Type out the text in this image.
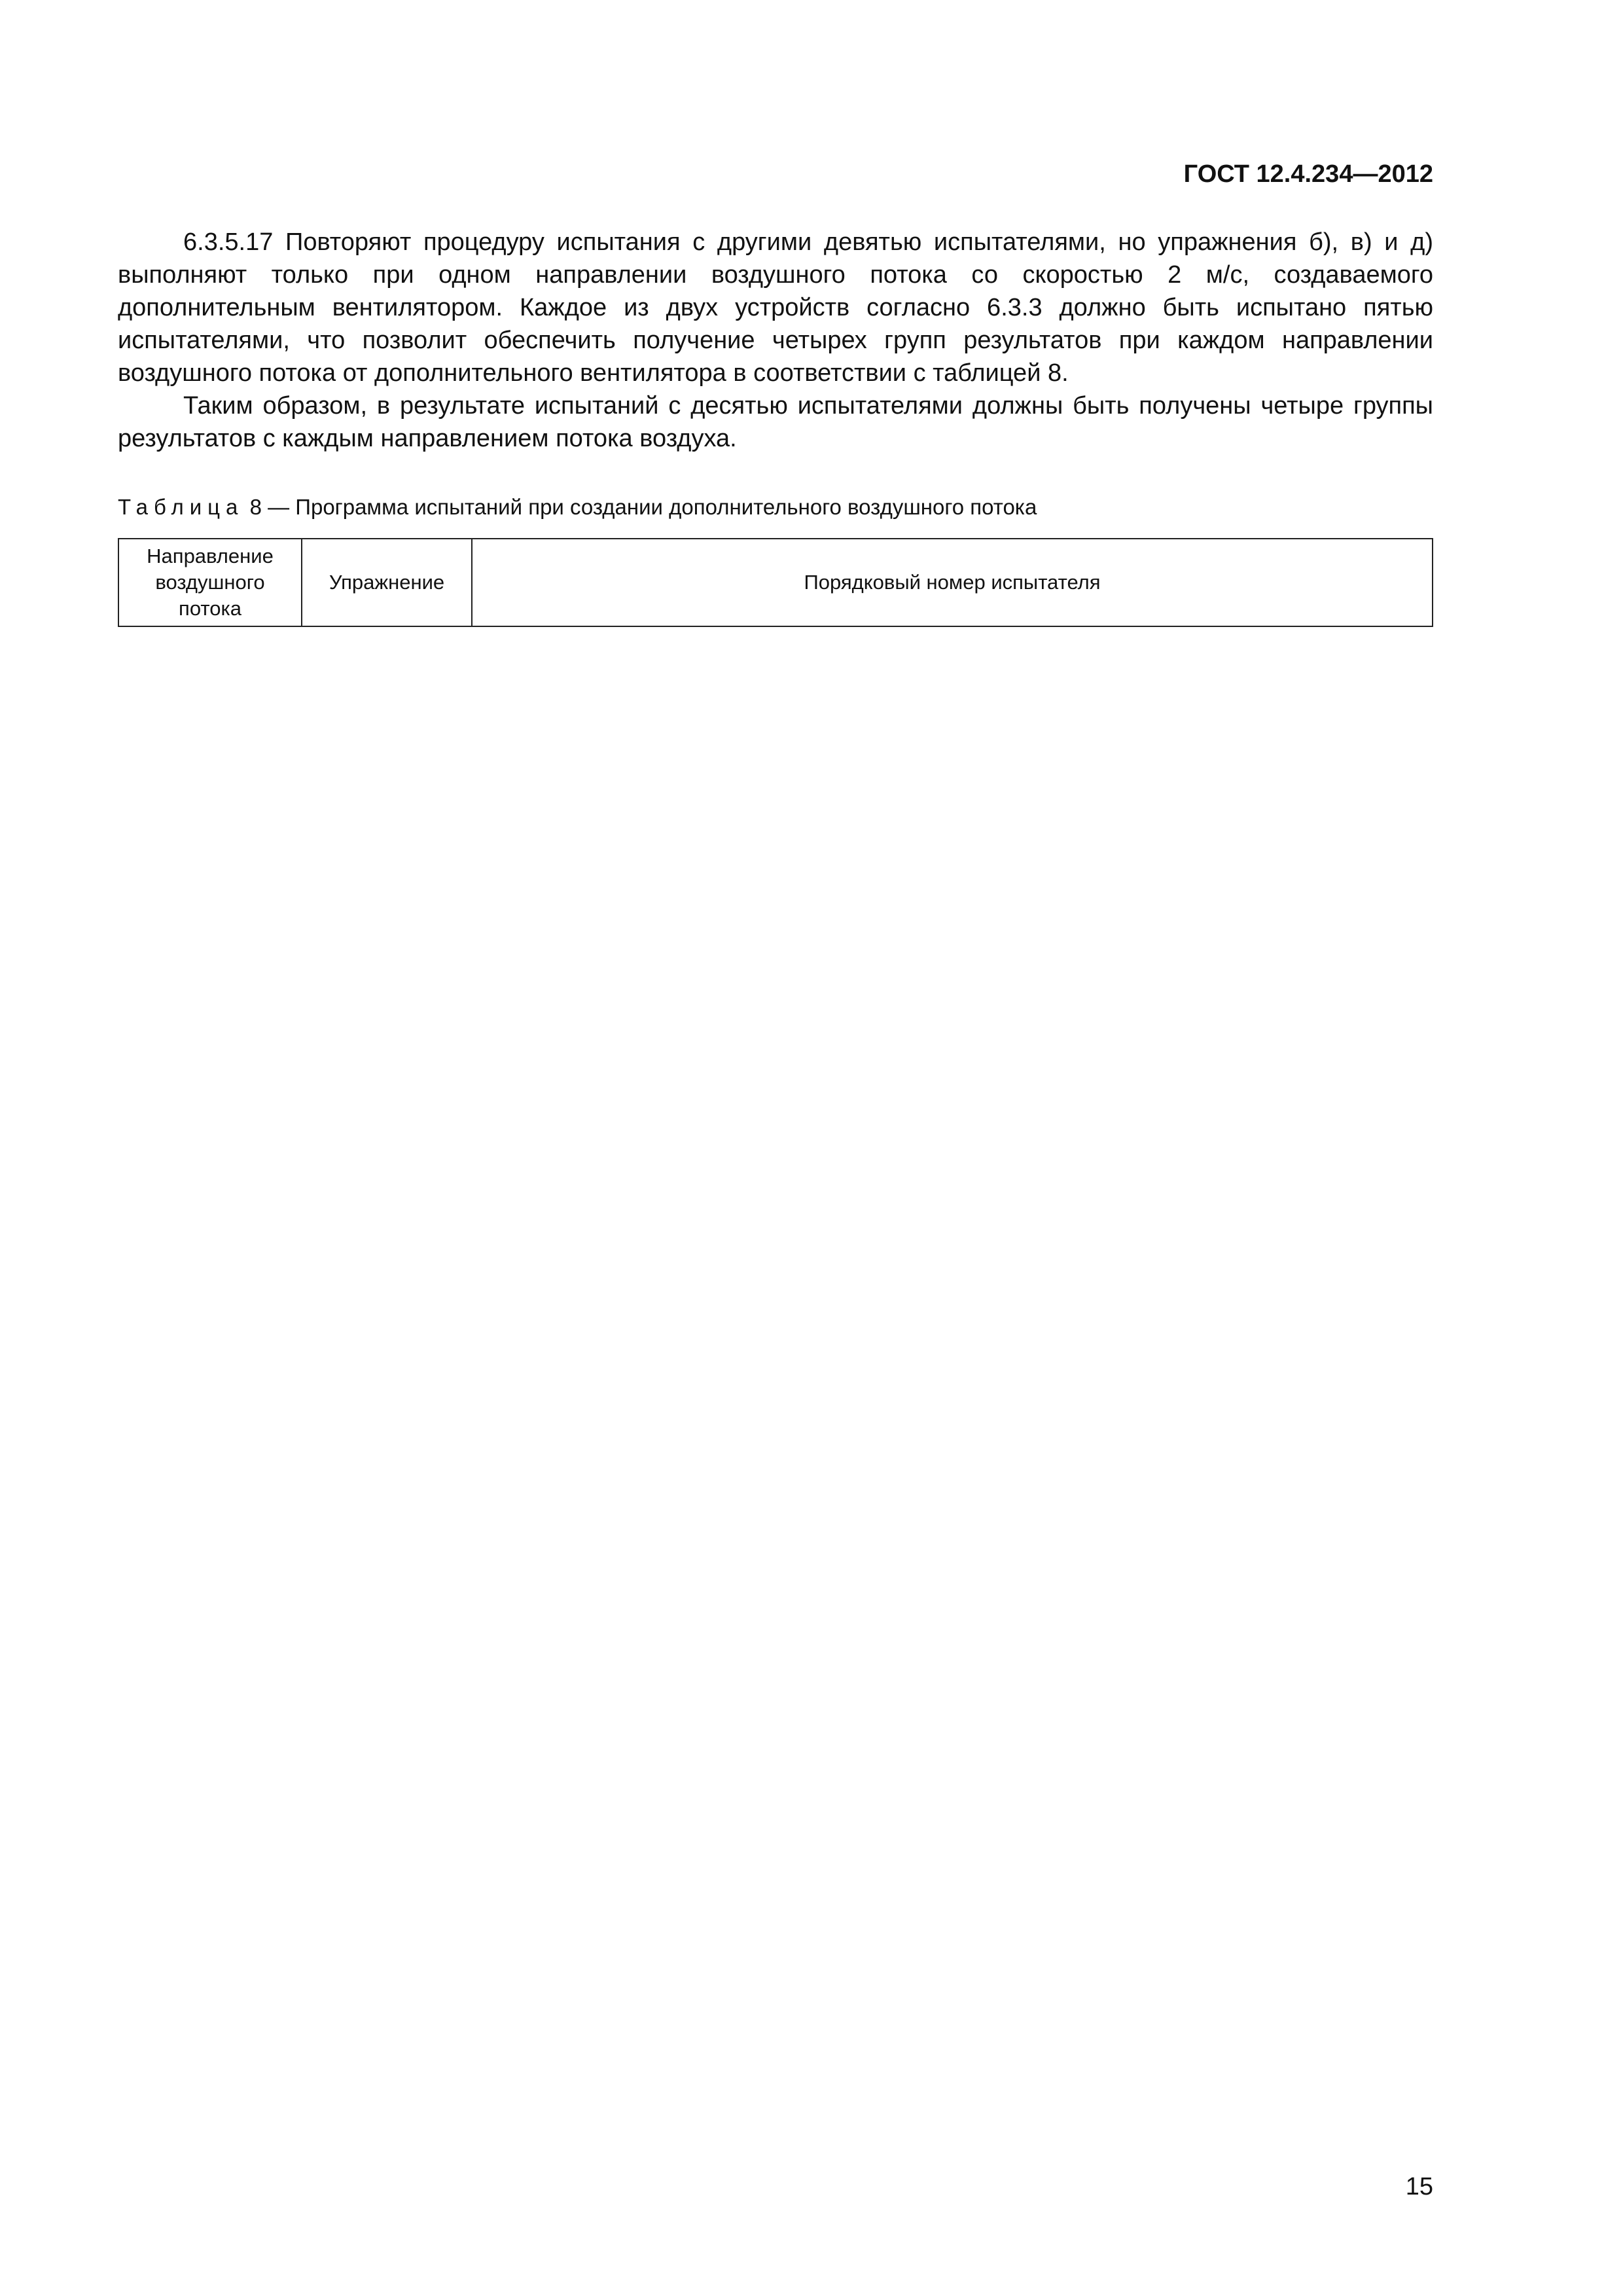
ГОСТ 12.4.234—2012

6.3.5.17 Повторяют процедуру испытания с другими девятью испытателями, но упражнения б), в) и д) выполняют только при одном направлении воздушного потока со скоростью 2 м/с, создаваемого дополнительным вентилятором. Каждое из двух устройств согласно 6.3.3 должно быть испытано пятью испытателями, что позволит обеспечить получение четырех групп результатов при каждом направлении воздушного потока от дополнительного вентилятора в соответствии с таблицей 8.

Таким образом, в результате испытаний с десятью испытателями должны быть получены четыре группы результатов с каждым направлением потока воздуха.

Таблица 8 — Программа испытаний при создании дополнительного воздушного потока
Направление воздушного потока	Упражнение	Порядковый номер испытателя
15
